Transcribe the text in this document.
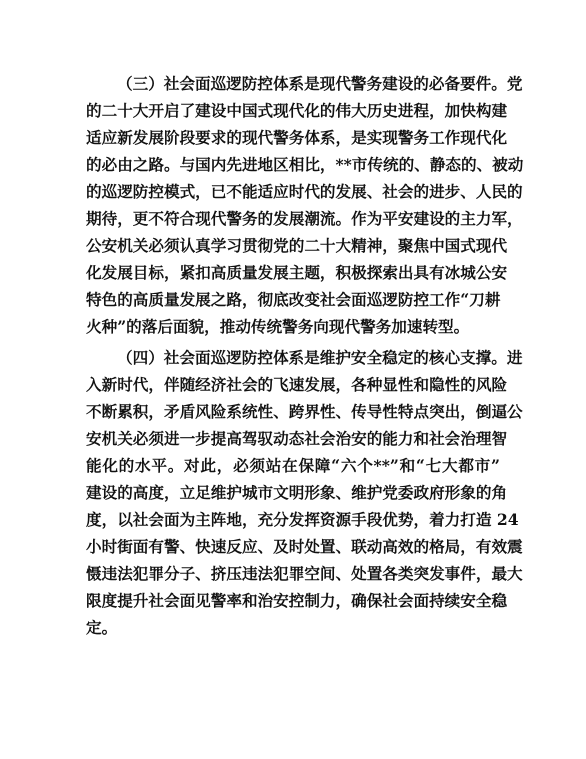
（三）社会面巡逻防控体系是现代警务建设的必备要件。党
的二十大开启了建设中国式现代化的伟大历史进程，加快构建
适应新发展阶段要求的现代警务体系，是实现警务工作现代化
的必由之路。与国内先进地区相比，**市传统的、静态的、被动
的巡逻防控模式，已不能适应时代的发展、社会的进步、人民的
期待，更不符合现代警务的发展潮流。作为平安建设的主力军，
公安机关必须认真学习贯彻党的二十大精神，聚焦中国式现代
化发展目标，紧扣高质量发展主题，积极探索出具有冰城公安
特色的高质量发展之路，彻底改变社会面巡逻防控工作“刀耕
火种”的落后面貌，推动传统警务向现代警务加速转型。
（四）社会面巡逻防控体系是维护安全稳定的核心支撑。进
入新时代，伴随经济社会的飞速发展，各种显性和隐性的风险
不断累积，矛盾风险系统性、跨界性、传导性特点突出，倒逼公
安机关必须进一步提高驾驭动态社会治安的能力和社会治理智
能化的水平。对此，必须站在保障“六个**”和“七大都市”
建设的高度，立足维护城市文明形象、维护党委政府形象的角
度，以社会面为主阵地，充分发挥资源手段优势，着力打造 24
小时街面有警、快速反应、及时处置、联动高效的格局，有效震
慑违法犯罪分子、挤压违法犯罪空间、处置各类突发事件，最大
限度提升社会面见警率和治安控制力，确保社会面持续安全稳
定。
